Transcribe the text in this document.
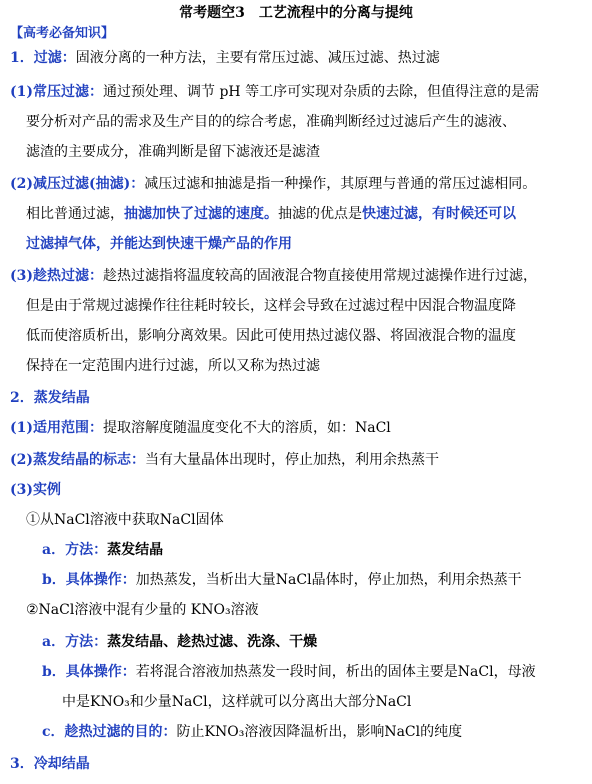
常考题空3　工艺流程中的分离与提纯
【高考必备知识】
1．过滤：固液分离的一种方法，主要有常压过滤、减压过滤、热过滤
(1)常压过滤：通过预处理、调节 pH 等工序可实现对杂质的去除，但值得注意的是需
要分析对产品的需求及生产目的的综合考虑，准确判断经过过滤后产生的滤液、
滤渣的主要成分，准确判断是留下滤液还是滤渣
(2)减压过滤(抽滤)：减压过滤和抽滤是指一种操作，其原理与普通的常压过滤相同。
相比普通过滤，抽滤加快了过滤的速度。抽滤的优点是快速过滤，有时候还可以
过滤掉气体，并能达到快速干燥产品的作用
(3)趁热过滤：趁热过滤指将温度较高的固液混合物直接使用常规过滤操作进行过滤，
但是由于常规过滤操作往往耗时较长，这样会导致在过滤过程中因混合物温度降
低而使溶质析出，影响分离效果。因此可使用热过滤仪器、将固液混合物的温度
保持在一定范围内进行过滤，所以又称为热过滤
2．蒸发结晶
(1)适用范围：提取溶解度随温度变化不大的溶质，如：NaCl
(2)蒸发结晶的标志：当有大量晶体出现时，停止加热，利用余热蒸干
(3)实例
①从NaCl溶液中获取NaCl固体
a．方法：蒸发结晶
b．具体操作：加热蒸发，当析出大量NaCl晶体时，停止加热，利用余热蒸干
②NaCl溶液中混有少量的 KNO₃溶液
a．方法：蒸发结晶、趁热过滤、洗涤、干燥
b．具体操作：若将混合溶液加热蒸发一段时间，析出的固体主要是NaCl，母液
中是KNO₃和少量NaCl，这样就可以分离出大部分NaCl
c．趁热过滤的目的：防止KNO₃溶液因降温析出，影响NaCl的纯度
3．冷却结晶
